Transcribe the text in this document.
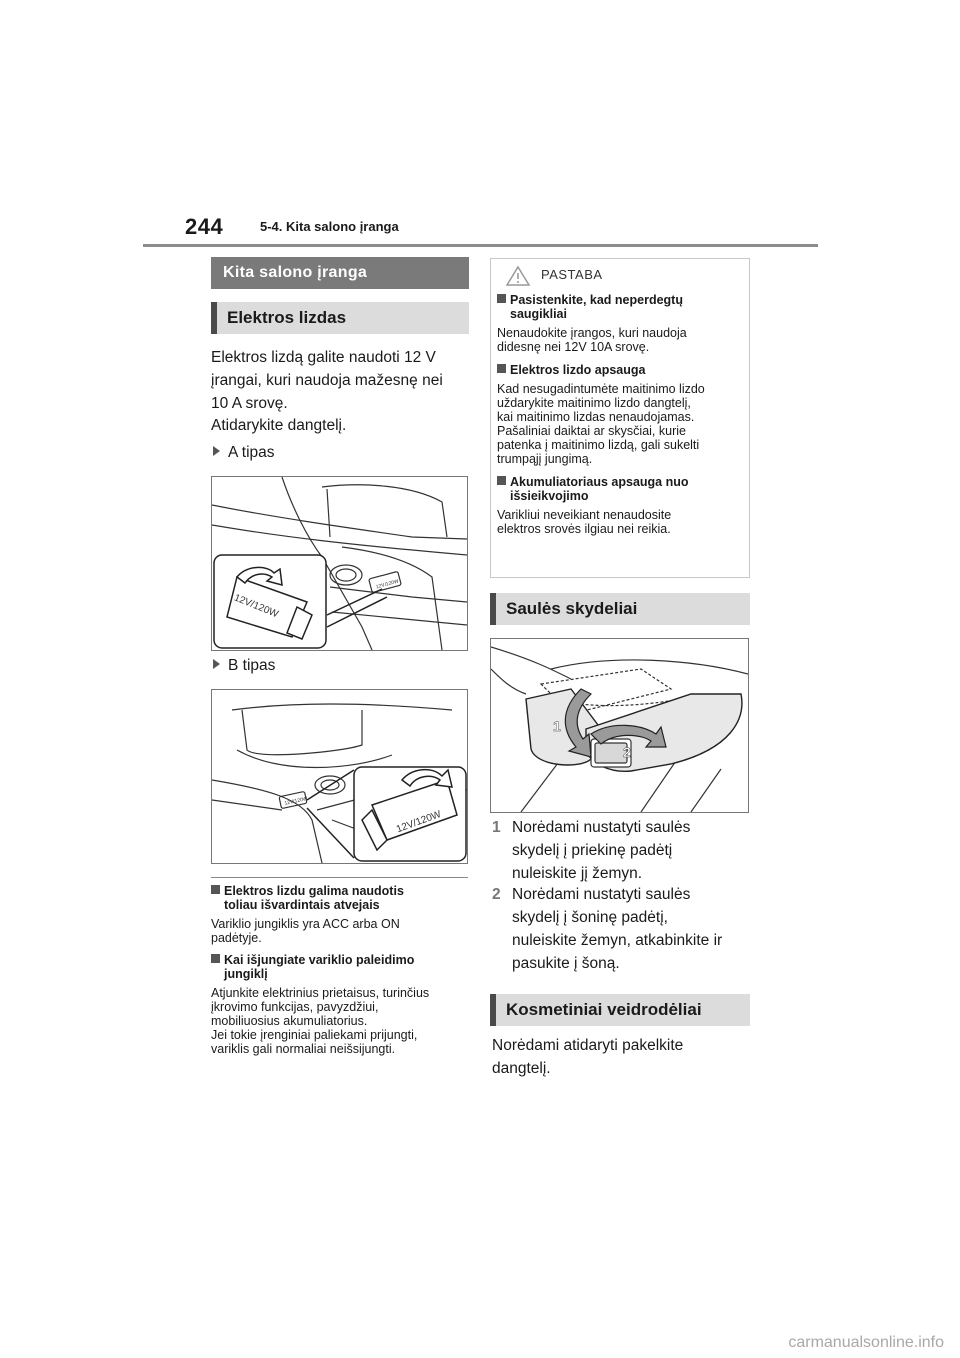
244	5-4. Kita salono įranga
Kita salono įranga
Elektros lizdas
Elektros lizdą galite naudoti 12 V
įrangai, kuri naudoja mažesnę nei
10 A srovę.
Atidarykite dangtelį.
A tipas
12V/120W
12V/120W
B tipas
12V/120W
12V/120W
Elektros lizdu galima naudotis
toliau išvardintais atvejais
Variklio jungiklis yra ACC arba ON
padėtyje.
Kai išjungiate variklio paleidimo
jungiklį
Atjunkite elektrinius prietaisus, turinčius
įkrovimo funkcijas, pavyzdžiui,
mobiliuosius akumuliatorius.
Jei tokie įrenginiai paliekami prijungti,
variklis gali normaliai neišsijungti.
PASTABA
Pasistenkite, kad neperdegtų
saugikliai
Nenaudokite įrangos, kuri naudoja
didesnę nei 12V 10A srovę.
Elektros lizdo apsauga
Kad nesugadintumėte maitinimo lizdo
uždarykite maitinimo lizdo dangtelį,
kai maitinimo lizdas nenaudojamas.
Pašaliniai daiktai ar skysčiai, kurie
patenka į maitinimo lizdą, gali sukelti
trumpąjį jungimą.
Akumuliatoriaus apsauga nuo
išsieikvojimo
Varikliui neveikiant nenaudosite
elektros srovės ilgiau nei reikia.
Saulės skydeliai
1
2
1 Norėdami nustatyti saulės
skydelį į priekinę padėtį
nuleiskite jį žemyn.
2 Norėdami nustatyti saulės
skydelį į šoninę padėtį,
nuleiskite žemyn, atkabinkite ir
pasukite į šoną.
Kosmetiniai veidrodėliai
Norėdami atidaryti pakelkite
dangtelį.
carmanualsonline.info
